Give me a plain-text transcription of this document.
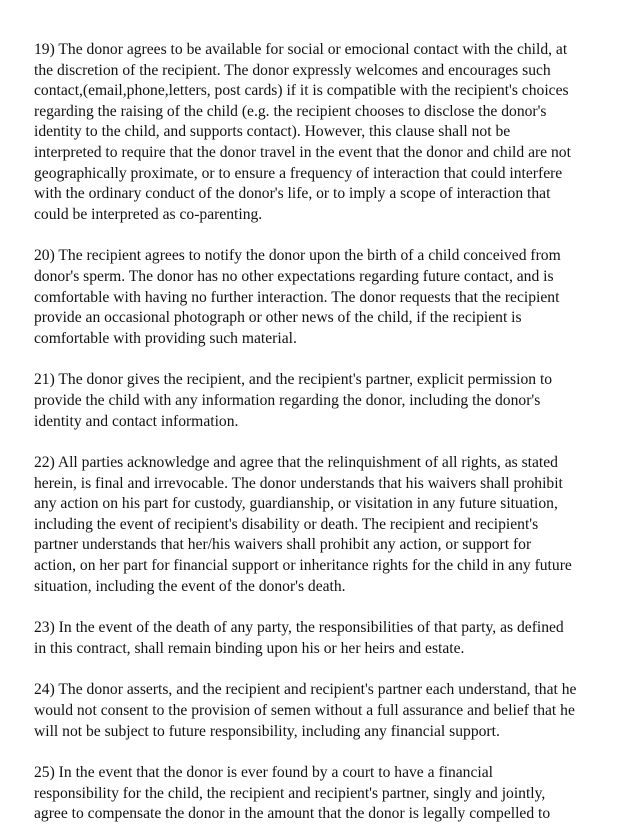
19) The donor agrees to be available for social or emocional contact with the child, at
the discretion of the recipient. The donor expressly welcomes and encourages such
contact,(email,phone,letters, post cards) if it is compatible with the recipient's choices
regarding the raising of the child (e.g. the recipient chooses to disclose the donor's
identity to the child, and supports contact). However, this clause shall not be
interpreted to require that the donor travel in the event that the donor and child are not
geographically proximate, or to ensure a frequency of interaction that could interfere
with the ordinary conduct of the donor's life, or to imply a scope of interaction that
could be interpreted as co-parenting.

20) The recipient agrees to notify the donor upon the birth of a child conceived from
donor's sperm. The donor has no other expectations regarding future contact, and is
comfortable with having no further interaction. The donor requests that the recipient
provide an occasional photograph or other news of the child, if the recipient is
comfortable with providing such material.

21) The donor gives the recipient, and the recipient's partner, explicit permission to
provide the child with any information regarding the donor, including the donor's
identity and contact information.

22) All parties acknowledge and agree that the relinquishment of all rights, as stated
herein, is final and irrevocable. The donor understands that his waivers shall prohibit
any action on his part for custody, guardianship, or visitation in any future situation,
including the event of recipient's disability or death. The recipient and recipient's
partner understands that her/his waivers shall prohibit any action, or support for
action, on her part for financial support or inheritance rights for the child in any future
situation, including the event of the donor's death.

23) In the event of the death of any party, the responsibilities of that party, as defined
in this contract, shall remain binding upon his or her heirs and estate.

24) The donor asserts, and the recipient and recipient's partner each understand, that he
would not consent to the provision of semen without a full assurance and belief that he
will not be subject to future responsibility, including any financial support.

25) In the event that the donor is ever found by a court to have a financial
responsibility for the child, the recipient and recipient's partner, singly and jointly,
agree to compensate the donor in the amount that the donor is legally compelled to
